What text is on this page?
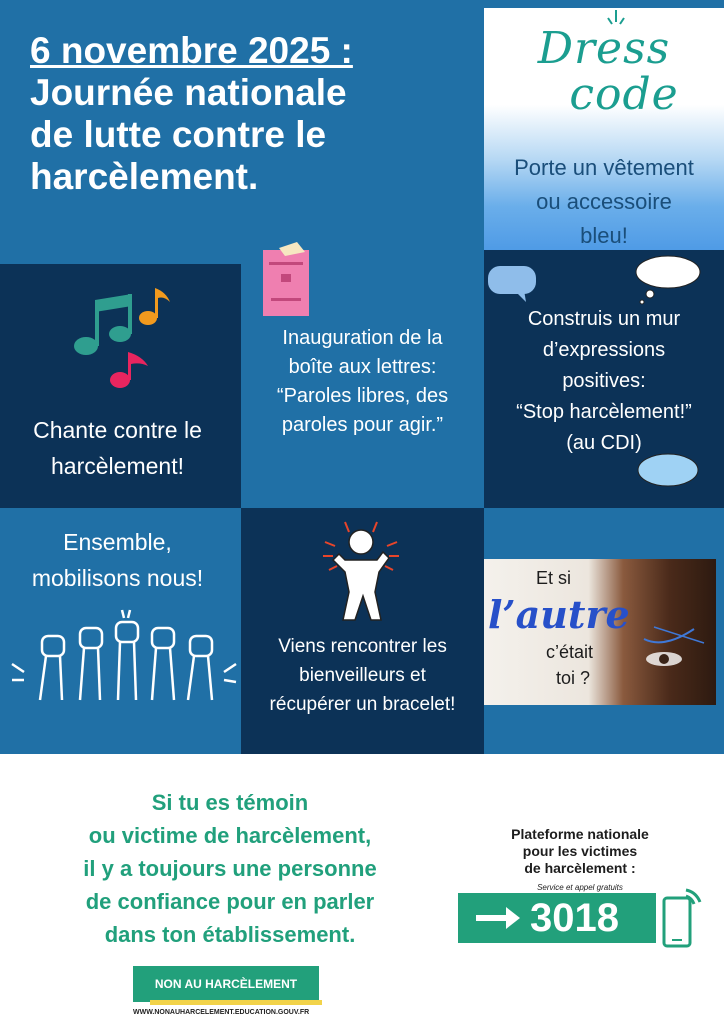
6 novembre 2025 :
Journée nationale
de lutte contre le
harcèlement.
Dress
code
Porte un vêtement
ou accessoire
bleu!
Chante contre le
harcèlement!
Inauguration de la
boîte aux lettres:
“Paroles libres, des
paroles pour agir.”
Construis un mur
d’expressions
positives:
“Stop harcèlement!”
(au CDI)
Ensemble,
mobilisons nous!
Viens rencontrer les
bienveilleurs et
récupérer un bracelet!
Et si
l’autre
c’était
toi ?
Si tu es témoin
ou victime de harcèlement,
il y a toujours une personne
de confiance pour en parler
dans ton établissement.
Plateforme nationale
pour les victimes
de harcèlement :
Service et appel gratuits
3018
NON AU HARCÈLEMENT
WWW.NONAUHARCELEMENT.EDUCATION.GOUV.FR
